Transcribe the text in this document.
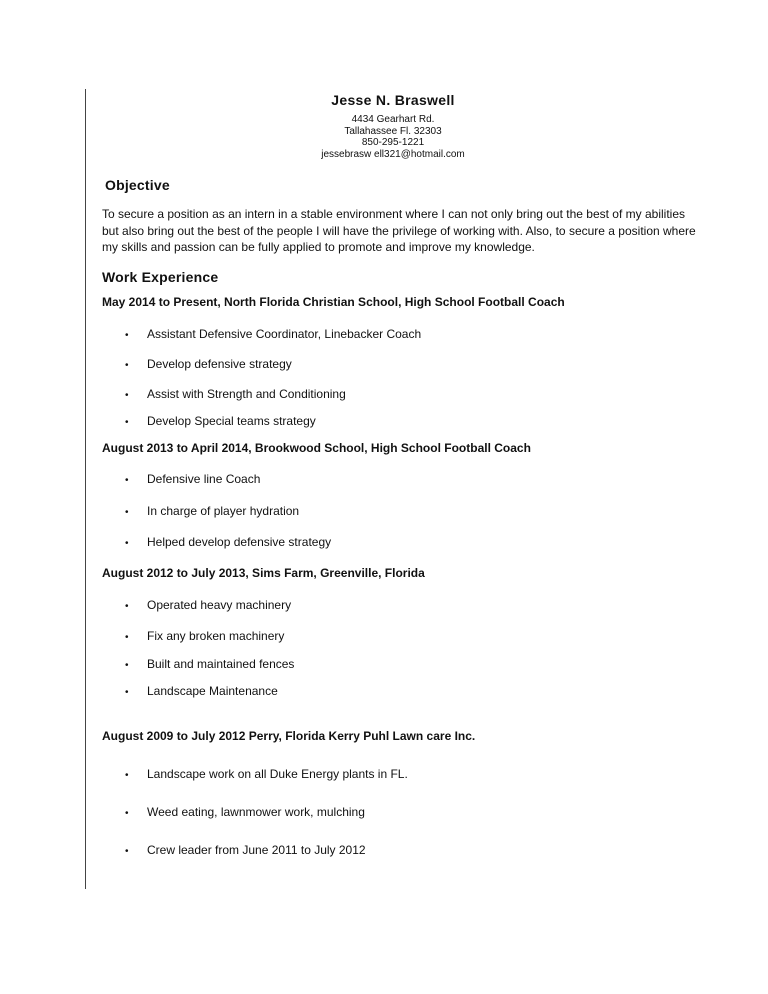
Jesse N. Braswell
4434 Gearhart Rd.
Tallahassee Fl. 32303
850-295-1221
jessebrasw ell321@hotmail.com
Objective
To secure a position as an intern in a stable environment where I can not only bring out the best of my abilities but also bring out the best of the people I will have the privilege of working with. Also, to secure a position where my skills and passion can be fully applied to promote and improve my knowledge.
Work Experience
May 2014 to Present, North Florida Christian School, High School Football Coach
• Assistant Defensive Coordinator, Linebacker Coach
• Develop defensive strategy
• Assist with Strength and Conditioning
• Develop Special teams strategy
August 2013 to April 2014, Brookwood School, High School Football Coach
• Defensive line Coach
• In charge of player hydration
• Helped develop defensive strategy
August 2012 to July 2013, Sims Farm, Greenville, Florida
• Operated heavy machinery
• Fix any broken machinery
• Built and maintained fences
• Landscape Maintenance
August 2009 to July 2012 Perry, Florida Kerry Puhl Lawn care Inc.
• Landscape work on all Duke Energy plants in FL.
• Weed eating, lawnmower work, mulching
• Crew leader from June 2011 to July 2012
